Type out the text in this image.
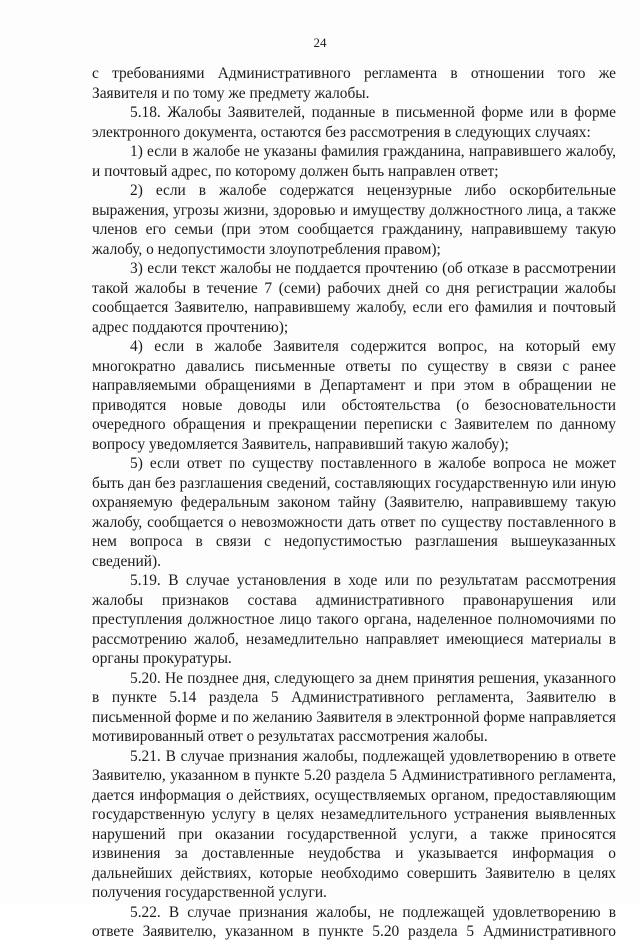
24

с требованиями Административного регламента в отношении того же Заявителя и по тому же предмету жалобы.

5.18. Жалобы Заявителей, поданные в письменной форме или в форме электронного документа, остаются без рассмотрения в следующих случаях:

1) если в жалобе не указаны фамилия гражданина, направившего жалобу, и почтовый адрес, по которому должен быть направлен ответ;

2) если в жалобе содержатся нецензурные либо оскорбительные выражения, угрозы жизни, здоровью и имуществу должностного лица, а также членов его семьи (при этом сообщается гражданину, направившему такую жалобу, о недопустимости злоупотребления правом);

3) если текст жалобы не поддается прочтению (об отказе в рассмотрении такой жалобы в течение 7 (семи) рабочих дней со дня регистрации жалобы сообщается Заявителю, направившему жалобу, если его фамилия и почтовый адрес поддаются прочтению);

4) если в жалобе Заявителя содержится вопрос, на который ему многократно давались письменные ответы по существу в связи с ранее направляемыми обращениями в Департамент и при этом в обращении не приводятся новые доводы или обстоятельства (о безосновательности очередного обращения и прекращении переписки с Заявителем по данному вопросу уведомляется Заявитель, направивший такую жалобу);

5) если ответ по существу поставленного в жалобе вопроса не может быть дан без разглашения сведений, составляющих государственную или иную охраняемую федеральным законом тайну (Заявителю, направившему такую жалобу, сообщается о невозможности дать ответ по существу поставленного в нем вопроса в связи с недопустимостью разглашения вышеуказанных сведений).

5.19. В случае установления в ходе или по результатам рассмотрения жалобы признаков состава административного правонарушения или преступления должностное лицо такого органа, наделенное полномочиями по рассмотрению жалоб, незамедлительно направляет имеющиеся материалы в органы прокуратуры.

5.20. Не позднее дня, следующего за днем принятия решения, указанного в пункте 5.14 раздела 5 Административного регламента, Заявителю в письменной форме и по желанию Заявителя в электронной форме направляется мотивированный ответ о результатах рассмотрения жалобы.

5.21. В случае признания жалобы, подлежащей удовлетворению в ответе Заявителю, указанном в пункте 5.20 раздела 5 Административного регламента, дается информация о действиях, осуществляемых органом, предоставляющим государственную услугу в целях незамедлительного устранения выявленных нарушений при оказании государственной услуги, а также приносятся извинения за доставленные неудобства и указывается информация о дальнейших действиях, которые необходимо совершить Заявителю в целях получения государственной услуги.

5.22. В случае признания жалобы, не подлежащей удовлетворению в ответе Заявителю, указанном в пункте 5.20 раздела 5 Административного
